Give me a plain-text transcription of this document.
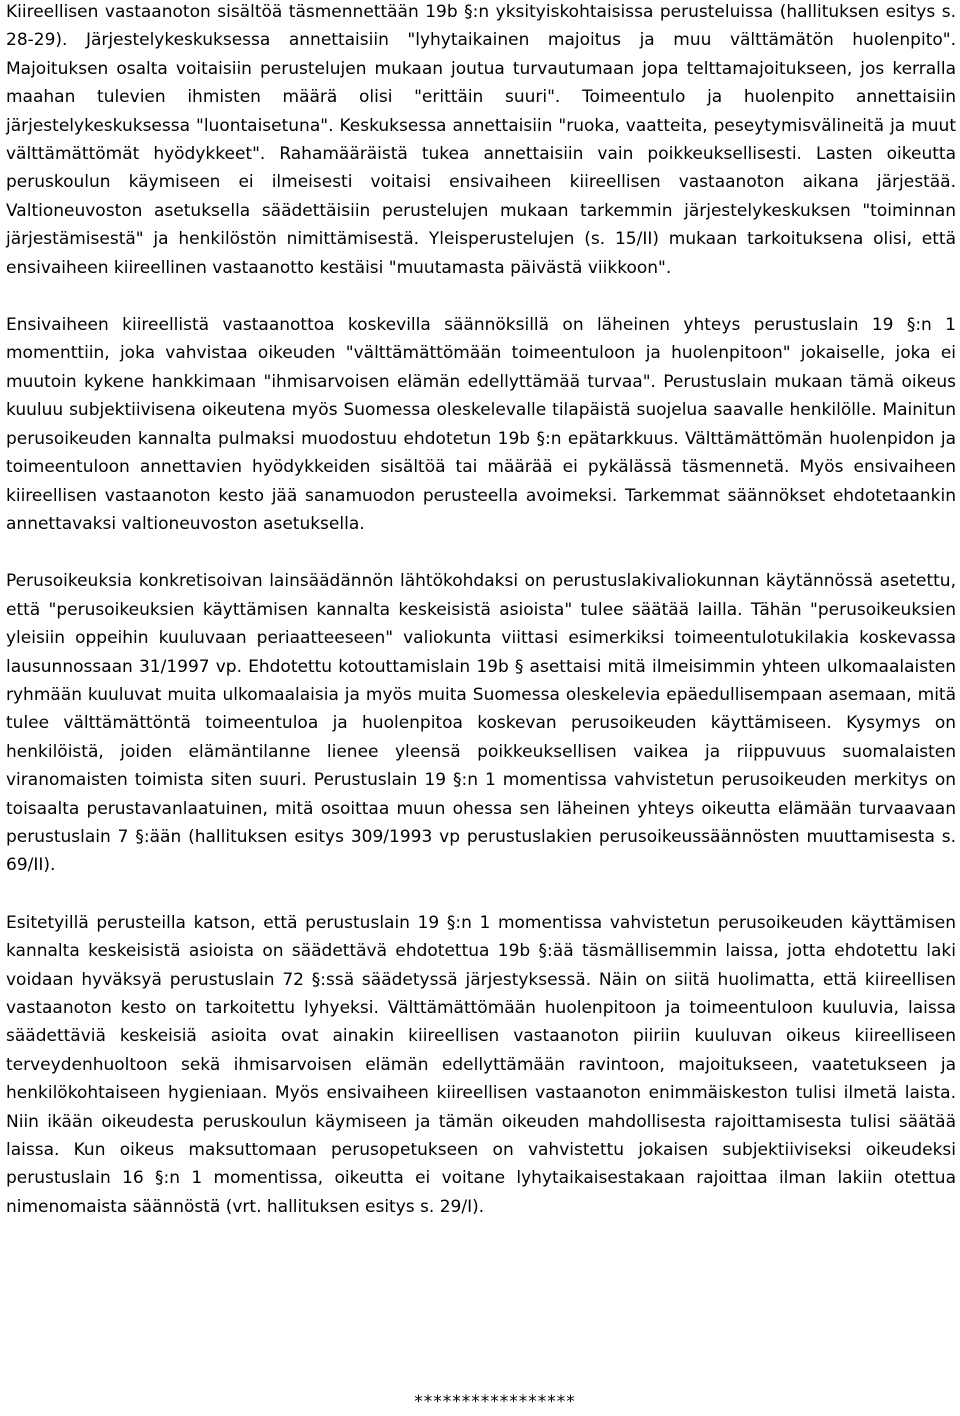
Kiireellisen vastaanoton sisältöä täsmennettään 19b §:n yksityiskohtaisissa perusteluissa (hallituksen esitys s. 28-29). Järjestelykeskuksessa annettaisiin "lyhytaikainen majoitus ja muu välttämätön huolenpito". Majoituksen osalta voitaisiin perustelujen mukaan joutua turvautumaan jopa telttamajoitukseen, jos kerralla maahan tulevien ihmisten määrä olisi "erittäin suuri". Toimeentulo ja huolenpito annettaisiin järjestelykeskuksessa "luontaisetuna". Keskuksessa annettaisiin "ruoka, vaatteita, peseytymisvälineitä ja muut välttämättömät hyödykkeet". Rahamääräistä tukea annettaisiin vain poikkeuksellisesti. Lasten oikeutta peruskoulun käymiseen ei ilmeisesti voitaisi ensivaiheen kiireellisen vastaanoton aikana järjestää. Valtioneuvoston asetuksella säädettäisiin perustelujen mukaan tarkemmin järjestelykeskuksen "toiminnan järjestämisestä" ja henkilöstön nimittämisestä. Yleisperustelujen (s. 15/II) mukaan tarkoituksena olisi, että ensivaiheen kiireellinen vastaanotto kestäisi "muutamasta päivästä viikkoon".

Ensivaiheen kiireellistä vastaanottoa koskevilla säännöksillä on läheinen yhteys perustuslain 19 §:n 1 momenttiin, joka vahvistaa oikeuden "välttämättömään toimeentuloon ja huolenpitoon" jokaiselle, joka ei muutoin kykene hankkimaan "ihmisarvoisen elämän edellyttämää turvaa". Perustuslain mukaan tämä oikeus kuuluu subjektiivisena oikeutena myös Suomessa oleskelevalle tilapäistä suojelua saavalle henkilölle. Mainitun perusoikeuden kannalta pulmaksi muodostuu ehdotetun 19b §:n epätarkkuus. Välttämättömän huolenpidon ja toimeentuloon annettavien hyödykkeiden sisältöä tai määrää ei pykälässä täsmennetä. Myös ensivaiheen kiireellisen vastaanoton kesto jää sanamuodon perusteella avoimeksi. Tarkemmat säännökset ehdotetaankin annettavaksi valtioneuvoston asetuksella.

Perusoikeuksia konkretisoivan lainsäädännön lähtökohdaksi on perustuslakivaliokunnan käytännössä asetettu, että "perusoikeuksien käyttämisen kannalta keskeisistä asioista" tulee säätää lailla. Tähän "perusoikeuksien yleisiin oppeihin kuuluvaan periaatteeseen" valiokunta viittasi esimerkiksi toimeentulotukilakia koskevassa lausunnossaan 31/1997 vp. Ehdotettu kotouttamislain 19b § asettaisi mitä ilmeisimmin yhteen ulkomaalaisten ryhmään kuuluvat muita ulkomaalaisia ja myös muita Suomessa oleskelevia epäedullisempaan asemaan, mitä tulee välttämättöntä toimeentuloa ja huolenpitoa koskevan perusoikeuden käyttämiseen. Kysymys on henkilöistä, joiden elämäntilanne lienee yleensä poikkeuksellisen vaikea ja riippuvuus suomalaisten viranomaisten toimista siten suuri. Perustuslain 19 §:n 1 momentissa vahvistetun perusoikeuden merkitys on toisaalta perustavanlaatuinen, mitä osoittaa muun ohessa sen läheinen yhteys oikeutta elämään turvaavaan perustuslain 7 §:ään (hallituksen esitys 309/1993 vp perustuslakien perusoikeussäännösten muuttamisesta s. 69/II).

Esitetyillä perusteilla katson, että perustuslain 19 §:n 1 momentissa vahvistetun perusoikeuden käyttämisen kannalta keskeisistä asioista on säädettävä ehdotettua 19b §:ää täsmällisemmin laissa, jotta ehdotettu laki voidaan hyväksyä perustuslain 72 §:ssä säädetyssä järjestyksessä. Näin on siitä huolimatta, että kiireellisen vastaanoton kesto on tarkoitettu lyhyeksi. Välttämättömään huolenpitoon ja toimeentuloon kuuluvia, laissa säädettäviä keskeisiä asioita ovat ainakin kiireellisen vastaanoton piiriin kuuluvan oikeus kiireelliseen terveydenhuoltoon sekä ihmisarvoisen elämän edellyttämään ravintoon, majoitukseen, vaatetukseen ja henkilökohtaiseen hygieniaan. Myös ensivaiheen kiireellisen vastaanoton enimmäiskeston tulisi ilmetä laista. Niin ikään oikeudesta peruskoulun käymiseen ja tämän oikeuden mahdollisesta rajoittamisesta tulisi säätää laissa. Kun oikeus maksuttomaan perusopetukseen on vahvistettu jokaisen subjektiiviseksi oikeudeksi perustuslain 16 §:n 1 momentissa, oikeutta ei voitane lyhytaikaisestakaan rajoittaa ilman lakiin otettua nimenomaista säännöstä (vrt. hallituksen esitys s. 29/I).

*****************
